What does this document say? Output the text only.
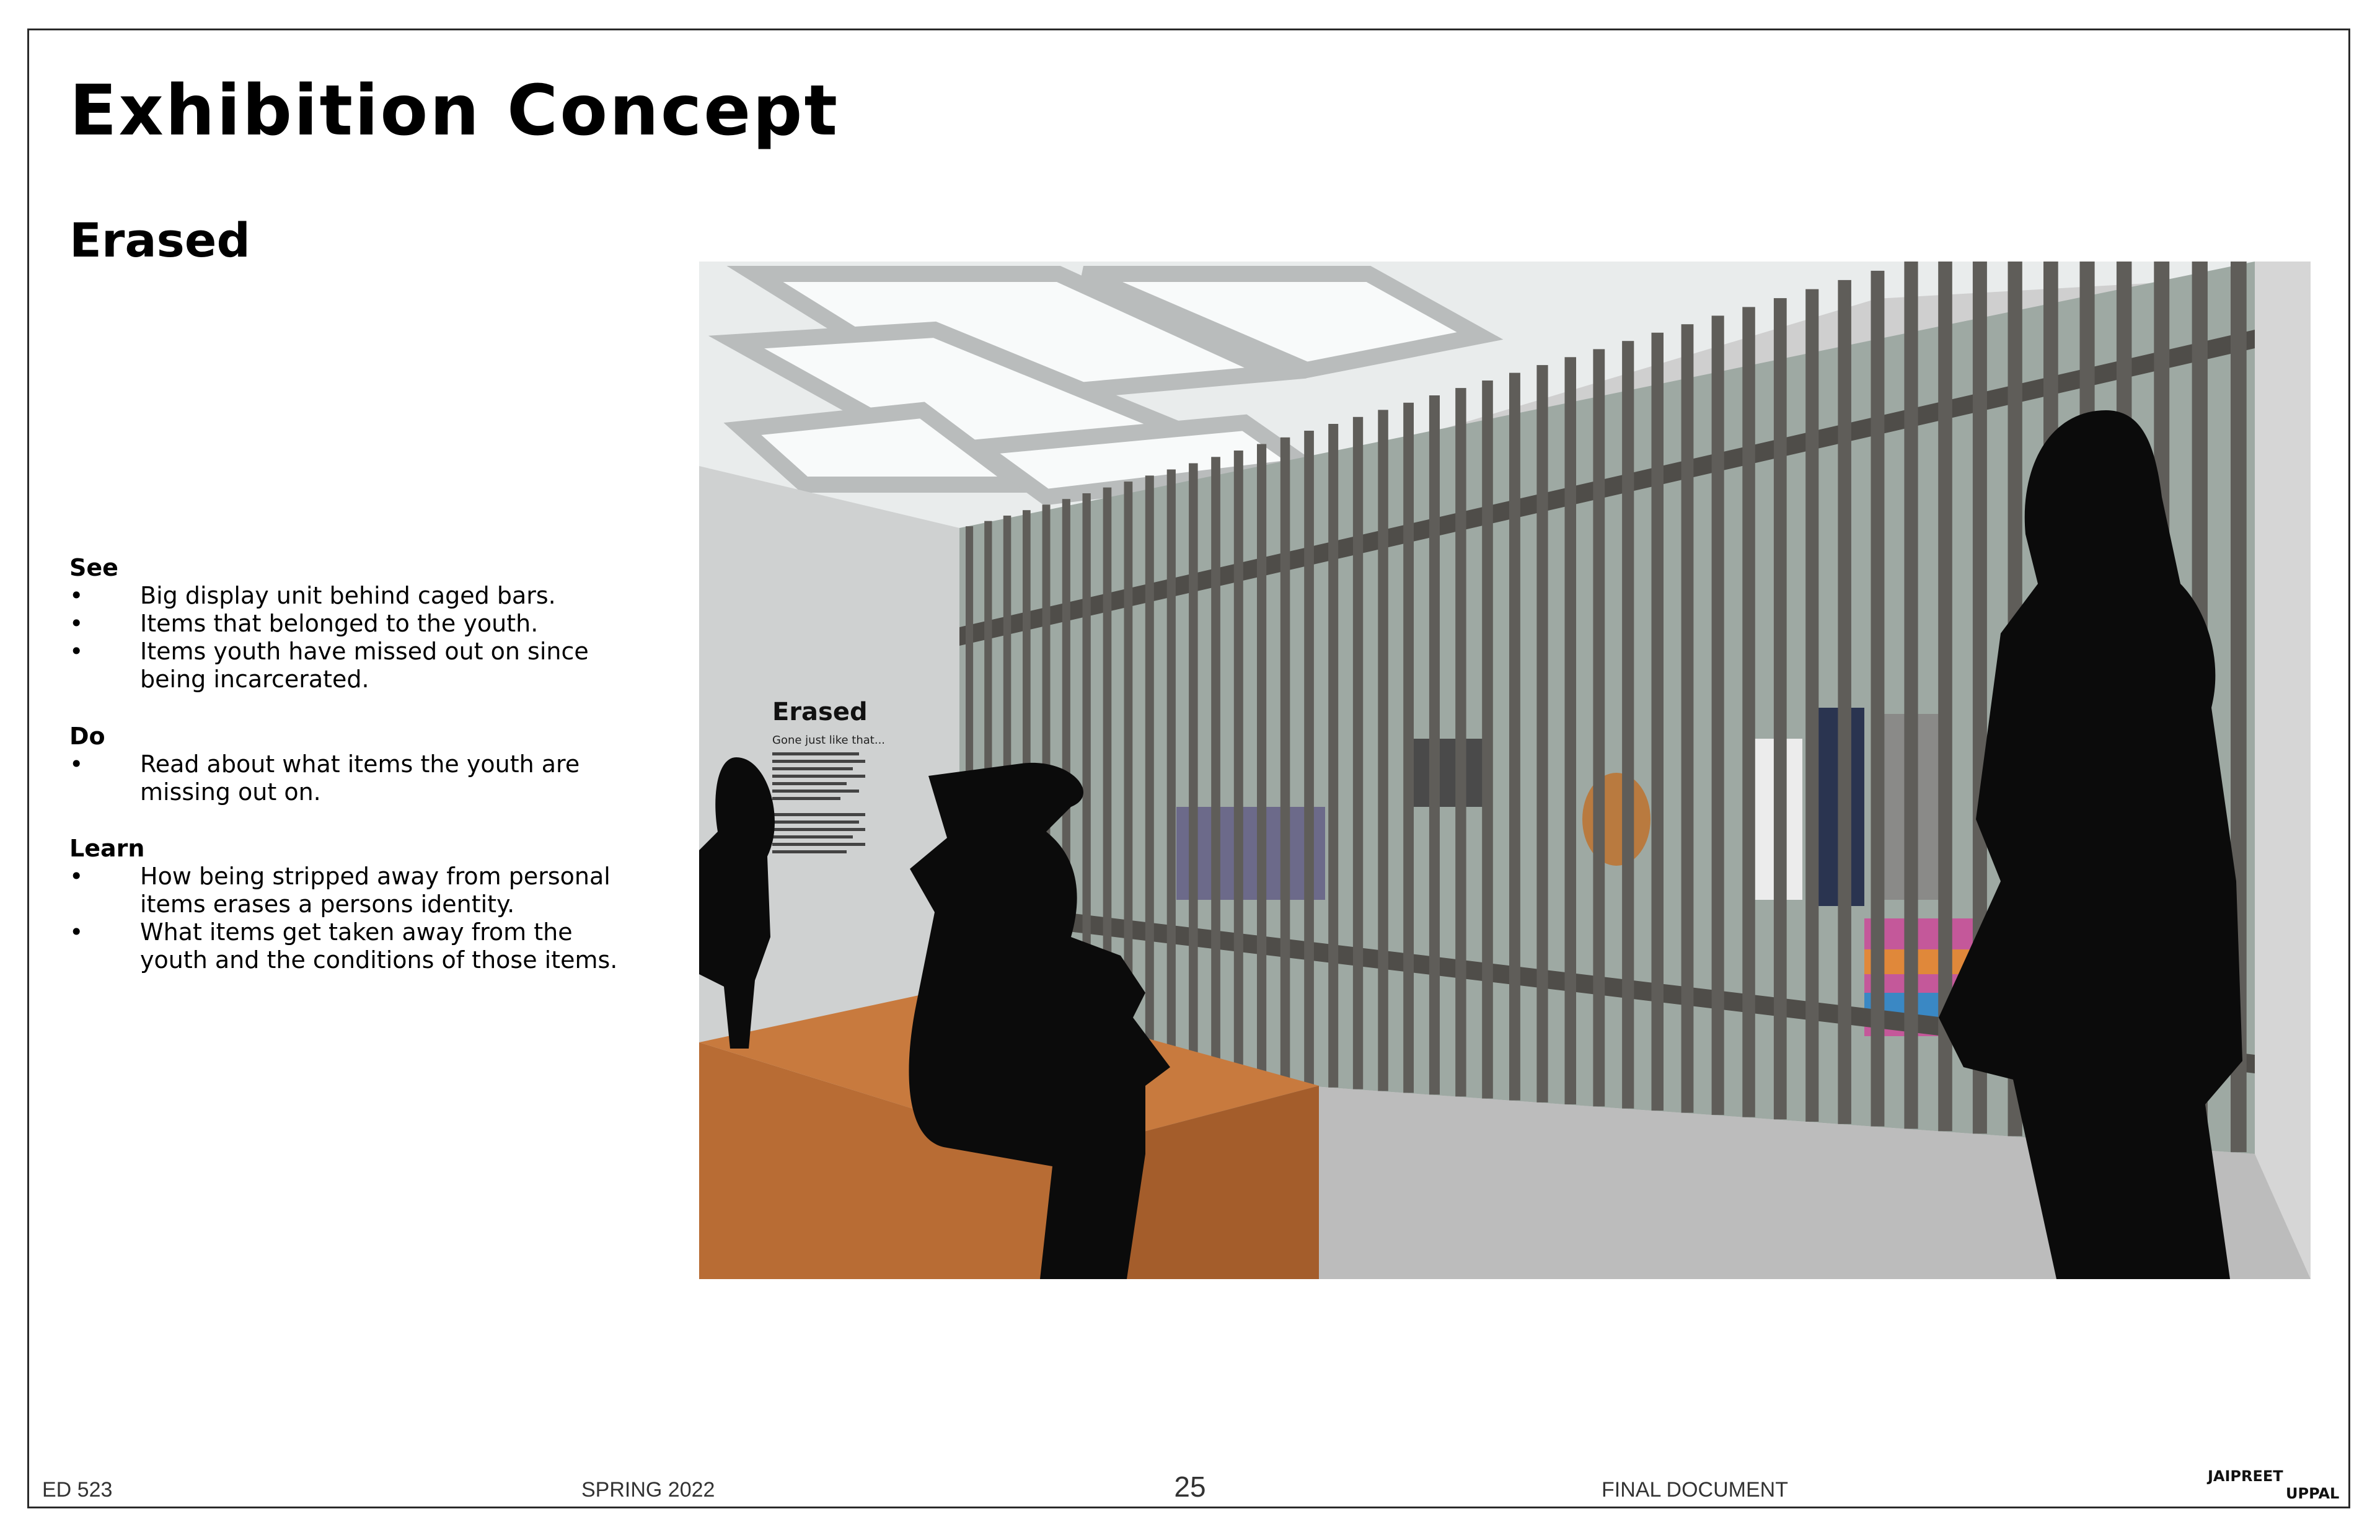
Exhibition Concept
Erased
See
• Big display unit behind caged bars.
• Items that belonged to the youth.
• Items youth have missed out on since being incarcerated.
Do
• Read about what items the youth are missing out on.
Learn
• How being stripped away from personal items erases a persons identity.
• What items get taken away from the youth and the conditions of those items.
Erased
Gone just like that...
ED 523	SPRING 2022	25	FINAL DOCUMENT
JAIPREET
UPPAL
